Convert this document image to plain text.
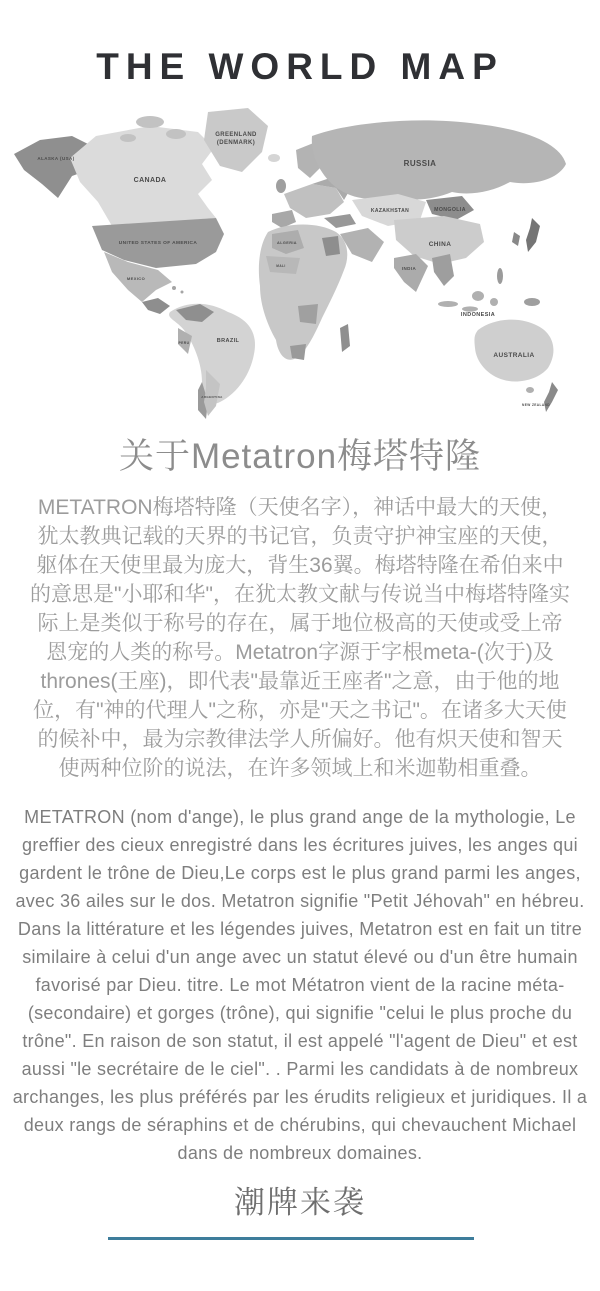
THE WORLD MAP
GREENLAND
(DENMARK)
CANADA
ALASKA (USA)
UNITED STATES OF AMERICA
MEXICO
BRAZIL
PERU
ARGENTINA
ALGERIA
MALI
RUSSIA
KAZAKHSTAN	MONGOLIA
CHINA
INDIA
INDONESIA
AUSTRALIA
NEW ZEALAND
关于Metatron梅塔特隆

METATRON梅塔特隆（天使名字），神话中最大的天使，犹太教典记载的天界的书记官，负责守护神宝座的天使，躯体在天使里最为庞大，背生36翼。梅塔特隆在希伯来中的意思是"小耶和华"，在犹太教文献与传说当中梅塔特隆实际上是类似于称号的存在，属于地位极高的天使或受上帝恩宠的人类的称号。Metatron字源于字根meta-(次于)及thrones(王座)，即代表"最靠近王座者"之意，由于他的地位，有"神的代理人"之称，亦是"天之书记"。在诸多大天使的候补中，最为宗教律法学人所偏好。他有炽天使和智天使两种位阶的说法，在许多领域上和米迦勒相重叠。

METATRON (nom d'ange), le plus grand ange de la mythologie, Le greffier des cieux enregistré dans les écritures juives, les anges qui gardent le trône de Dieu,Le corps est le plus grand parmi les anges, avec 36 ailes sur le dos. Metatron signifie "Petit Jéhovah" en hébreu. Dans la littérature et les légendes juives, Metatron est en fait un titre similaire à celui d'un ange avec un statut élevé ou d'un être humain favorisé par Dieu. titre. Le mot Métatron vient de la racine méta- (secondaire) et gorges (trône), qui signifie "celui le plus proche du trône". En raison de son statut, il est appelé "l'agent de Dieu" et est aussi "le secrétaire de le ciel". . Parmi les candidats à de nombreux archanges, les plus préférés par les érudits religieux et juridiques. Il a deux rangs de séraphins et de chérubins, qui chevauchent Michael dans de nombreux domaines.

潮牌来袭
